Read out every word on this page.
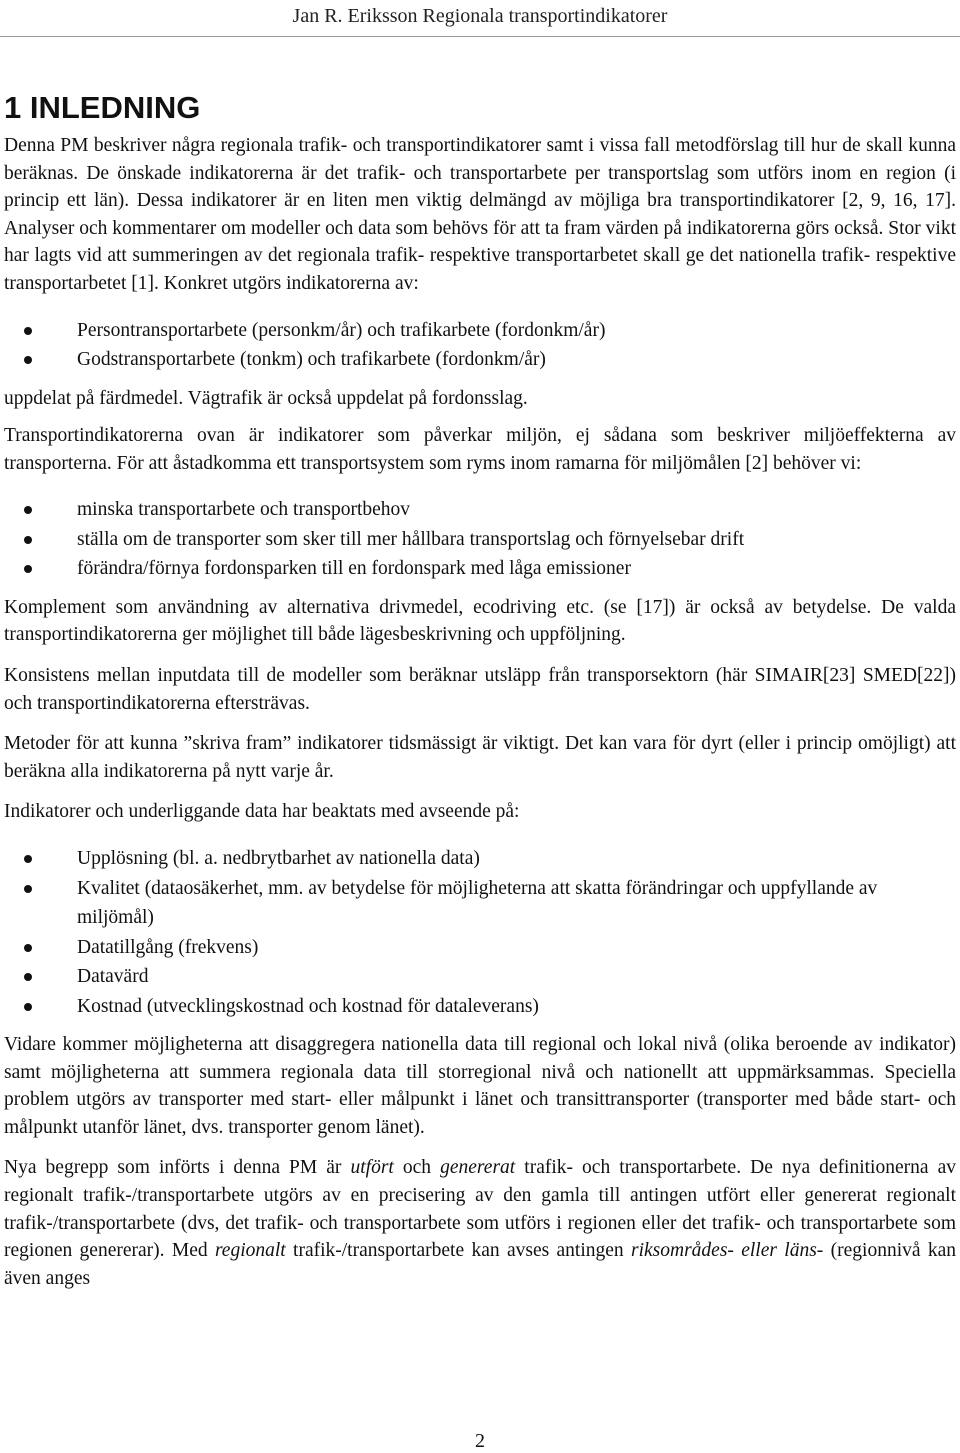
Jan R. Eriksson Regionala transportindikatorer
1 INLEDNING

Denna PM beskriver några regionala trafik- och transportindikatorer samt i vissa fall metodförslag till hur de skall kunna beräknas. De önskade indikatorerna är det trafik- och transportarbete per transportslag som utförs inom en region (i princip ett län). Dessa indikatorer är en liten men viktig delmängd av möjliga bra transportindikatorer [2, 9, 16, 17]. Analyser och kommentarer om modeller och data som behövs för att ta fram värden på indikatorerna görs också. Stor vikt har lagts vid att summeringen av det regionala trafik- respektive transportarbetet skall ge det nationella trafik- respektive transportarbetet [1]. Konkret utgörs indikatorerna av:

Persontransportarbete (personkm/år) och trafikarbete (fordonkm/år)
Godstransportarbete (tonkm) och trafikarbete (fordonkm/år)

uppdelat på färdmedel. Vägtrafik är också uppdelat på fordonsslag.

Transportindikatorerna ovan är indikatorer som påverkar miljön, ej sådana som beskriver miljöeffekterna av transporterna. För att åstadkomma ett transportsystem som ryms inom ramarna för miljömålen [2] behöver vi:

minska transportarbete och transportbehov
ställa om de transporter som sker till mer hållbara transportslag och förnyelsebar drift
förändra/förnya fordonsparken till en fordonspark med låga emissioner

Komplement som användning av alternativa drivmedel, ecodriving etc. (se [17]) är också av betydelse. De valda transportindikatorerna ger möjlighet till både lägesbeskrivning och uppföljning.

Konsistens mellan inputdata till de modeller som beräknar utsläpp från transporsektorn (här SIMAIR[23] SMED[22]) och transportindikatorerna eftersträvas.

Metoder för att kunna ”skriva fram” indikatorer tidsmässigt är viktigt. Det kan vara för dyrt (eller i princip omöjligt) att beräkna alla indikatorerna på nytt varje år.

Indikatorer och underliggande data har beaktats med avseende på:

Upplösning (bl. a. nedbrytbarhet av nationella data)
Kvalitet (dataosäkerhet, mm. av betydelse för möjligheterna att skatta förändringar och uppfyllande av miljömål)
Datatillgång (frekvens)
Datavärd
Kostnad (utvecklingskostnad och kostnad för dataleverans)

Vidare kommer möjligheterna att disaggregera nationella data till regional och lokal nivå (olika beroende av indikator) samt möjligheterna att summera regionala data till storregional nivå och nationellt att uppmärksammas. Speciella problem utgörs av transporter med start- eller målpunkt i länet och transittransporter (transporter med både start- och målpunkt utanför länet, dvs. transporter genom länet).

Nya begrepp som införts i denna PM är utfört och genererat trafik- och transportarbete. De nya definitionerna av regionalt trafik-/transportarbete utgörs av en precisering av den gamla till antingen utfört eller genererat regionalt trafik-/transportarbete (dvs, det trafik- och transportarbete som utförs i regionen eller det trafik- och transportarbete som regionen genererar). Med regionalt trafik-/transportarbete kan avses antingen riksområdes- eller läns- (regionnivå kan även anges

2
